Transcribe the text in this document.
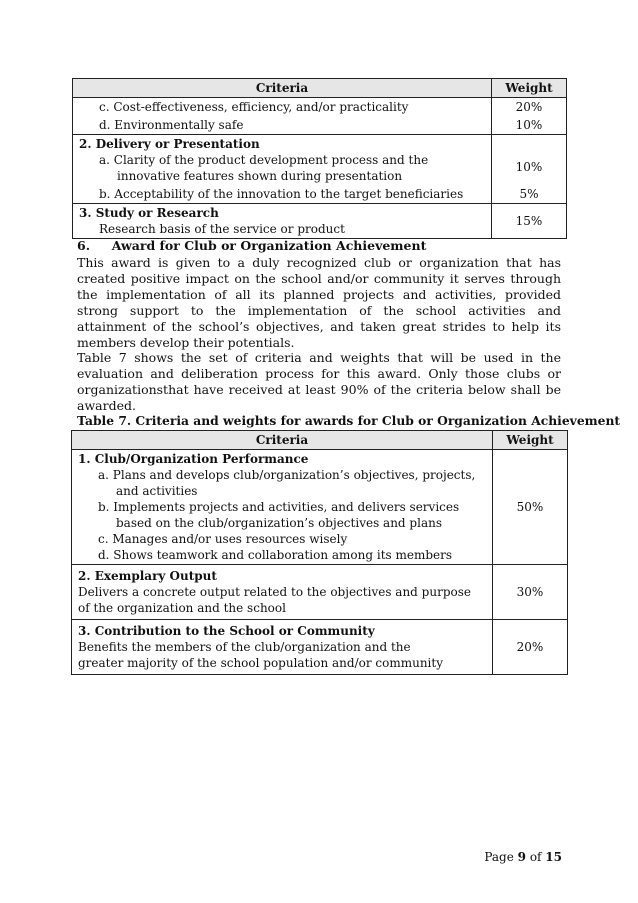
Criteria	Weight

c. Cost-effectiveness, efficiency, and/or practicality	20%

d. Environmentally safe	10%

2. Delivery or Presentation
a. Clarity of the product development process and the innovative features shown during presentation	10%

b. Acceptability of the innovation to the target beneficiaries	5%

3. Study or Research
Research basis of the service or product	15%
6.     Award for Club or Organization Achievement

This award is given to a duly recognized club or organization that has created positive impact on the school and/or community it serves through the implementation of all its planned projects and activities, provided strong support to the implementation of the school activities and attainment of the school’s objectives, and taken great strides to help its members develop their potentials.

Table 7 shows the set of criteria and weights that will be used in the evaluation and deliberation process for this award. Only those clubs or organizationsthat have received at least 90% of the criteria below shall be awarded.

Table 7. Criteria and weights for awards for Club or Organization Achievement
Criteria	Weight

1. Club/Organization Performance
a. Plans and develops club/organization’s objectives, projects, and activities
b. Implements projects and activities, and delivers services based on the club/organization’s objectives and plans
c. Manages and/or uses resources wisely
d. Shows teamwork and collaboration among its members	50%

2. Exemplary Output
Delivers a concrete output related to the objectives and purpose of the organization and the school	30%

3. Contribution to the School or Community
Benefits the members of the club/organization and the greater majority of the school population and/or community	20%
Page 9 of 15
